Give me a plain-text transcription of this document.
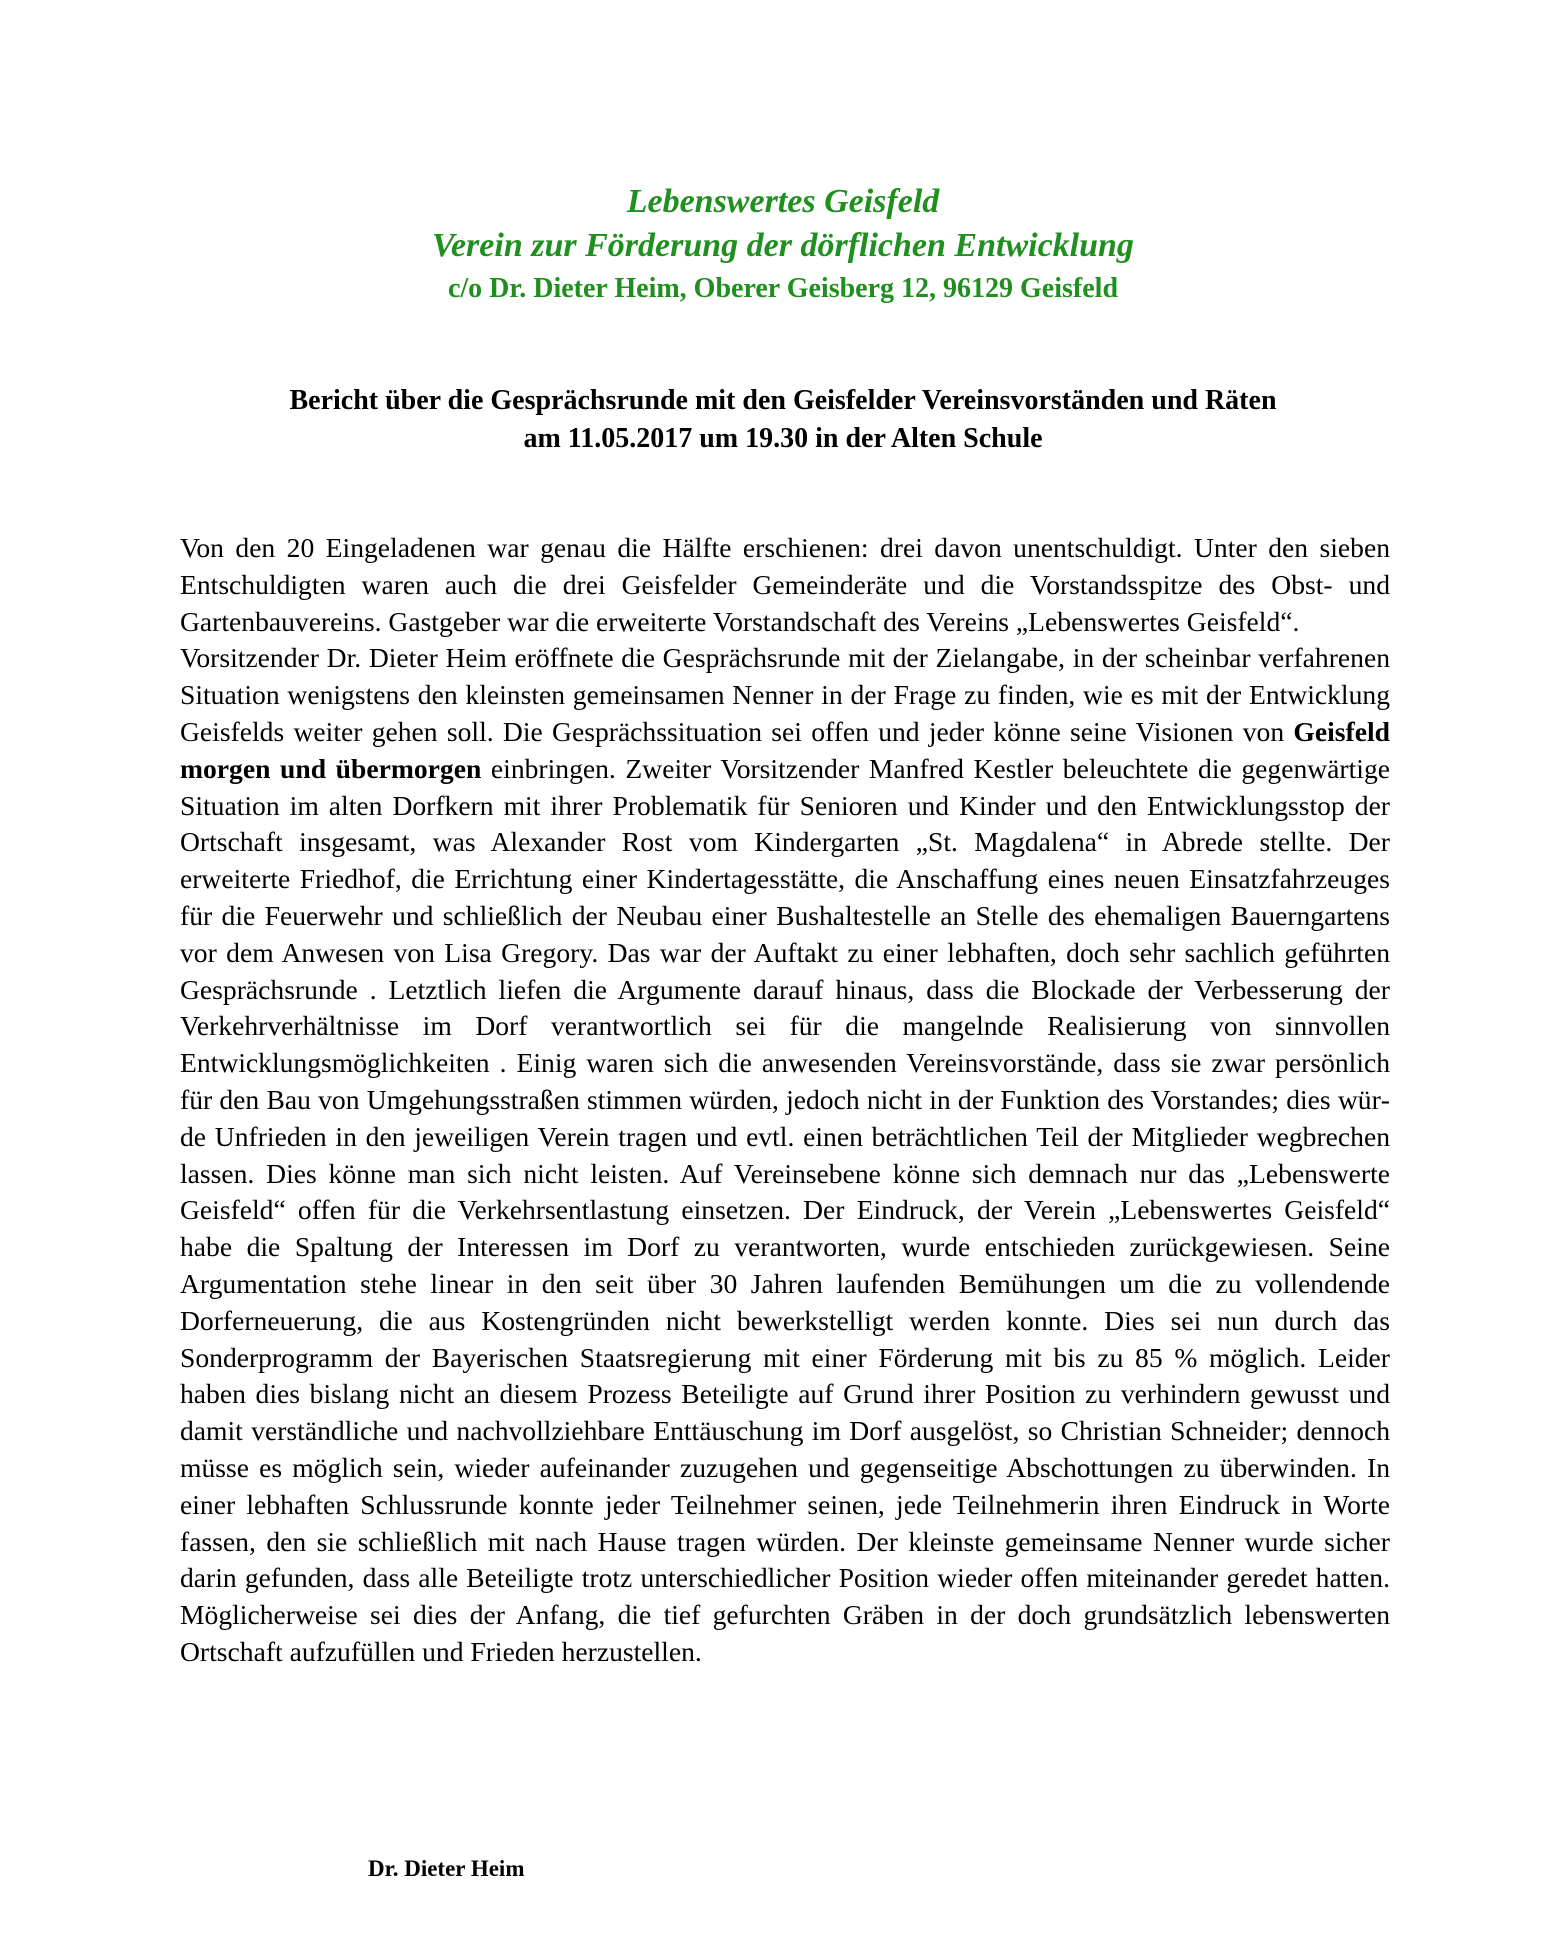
Lebenswertes Geisfeld
Verein zur Förderung der dörflichen Entwicklung
c/o Dr. Dieter Heim, Oberer Geisberg 12, 96129 Geisfeld
Bericht über die Gesprächsrunde mit den Geisfelder Vereinsvorständen und Räten
am 11.05.2017 um 19.30 in der Alten Schule

Von den 20 Eingeladenen war genau die Hälfte erschienen: drei davon unentschuldigt. Unter den sieben Entschuldigten waren auch die drei Geisfelder Gemeinderäte und die Vorstandsspitze des Obst- und Gartenbauvereins. Gastgeber war die erweiterte Vorstandschaft des Vereins „Lebenswertes Geisfeld“.

Vorsitzender Dr. Dieter Heim eröffnete die Gesprächsrunde mit der Zielangabe, in der scheinbar verfahrenen Situation wenigstens den kleinsten gemeinsamen Nenner in der Frage zu finden, wie es mit der Entwicklung Geisfelds weiter gehen soll. Die Gesprächssituation sei offen und jeder könne seine Visionen von Geisfeld morgen und übermorgen einbringen. Zweiter Vorsitzender Manfred Kestler beleuchtete die gegenwärtige Situation im alten Dorfkern mit ihrer Problematik für Senioren und Kinder und den Entwicklungsstop der Ortschaft insgesamt, was Alexander Rost vom Kindergarten „St. Magdalena“ in Abrede stellte. Der erweiterte Friedhof, die Errichtung einer Kindertagesstätte, die Anschaffung eines neuen Einsatzfahrzeuges für die Feuerwehr und schließlich der Neubau einer Bushaltestelle an Stelle des ehemaligen Bauerngartens vor dem Anwesen von Lisa Gregory. Das war der Auftakt zu einer lebhaften, doch sehr sachlich geführten Gesprächsrunde . Letztlich liefen die Argumente darauf hinaus, dass die Blockade der Verbesserung der Verkehrverhältnisse im Dorf verantwortlich sei für die mangelnde Realisierung von sinnvollen Entwicklungsmöglichkeiten . Einig waren sich die anwesenden Vereinsvorstände, dass sie zwar persönlich für den Bau von Umgehungsstraßen stimmen würden, jedoch nicht in der Funktion des Vorstandes; dies würde Unfrieden in den jeweiligen Verein tragen und evtl. einen beträchtlichen Teil der Mitglieder wegbrechen lassen. Dies könne man sich nicht leisten. Auf Vereinsebene könne sich demnach nur das „Lebenswerte Geisfeld“ offen für die Verkehrsentlastung einsetzen. Der Eindruck, der Verein „Lebenswertes Geisfeld“ habe die Spaltung der Interessen im Dorf zu verantworten, wurde entschieden zurückgewiesen. Seine Argumentation stehe linear in den seit über 30 Jahren laufenden Bemühungen um die zu vollendende Dorferneuerung, die aus Kostengründen nicht bewerkstelligt werden konnte. Dies sei nun durch das Sonderprogramm der Bayerischen Staatsregierung mit einer Förderung mit bis zu 85 % möglich. Leider haben dies bislang nicht an diesem Prozess Beteiligte auf Grund ihrer Position zu verhindern gewusst und damit verständliche und nachvollziehbare Enttäuschung im Dorf ausgelöst, so Christian Schneider; dennoch müsse es möglich sein, wieder aufeinander zuzugehen und gegenseitige Abschottungen zu überwinden. In einer lebhaften Schlussrunde konnte jeder Teilnehmer seinen, jede Teilnehmerin ihren Eindruck in Worte fassen, den sie schließlich mit nach Hause tragen würden. Der kleinste gemeinsame Nenner wurde sicher darin gefunden, dass alle Beteiligte trotz unterschiedlicher Position wieder offen miteinander geredet hatten. Möglicherweise sei dies der Anfang, die tief gefurchten Gräben in der doch grundsätzlich lebenswerten Ortschaft aufzufüllen und Frieden herzustellen.

Dr. Dieter Heim
